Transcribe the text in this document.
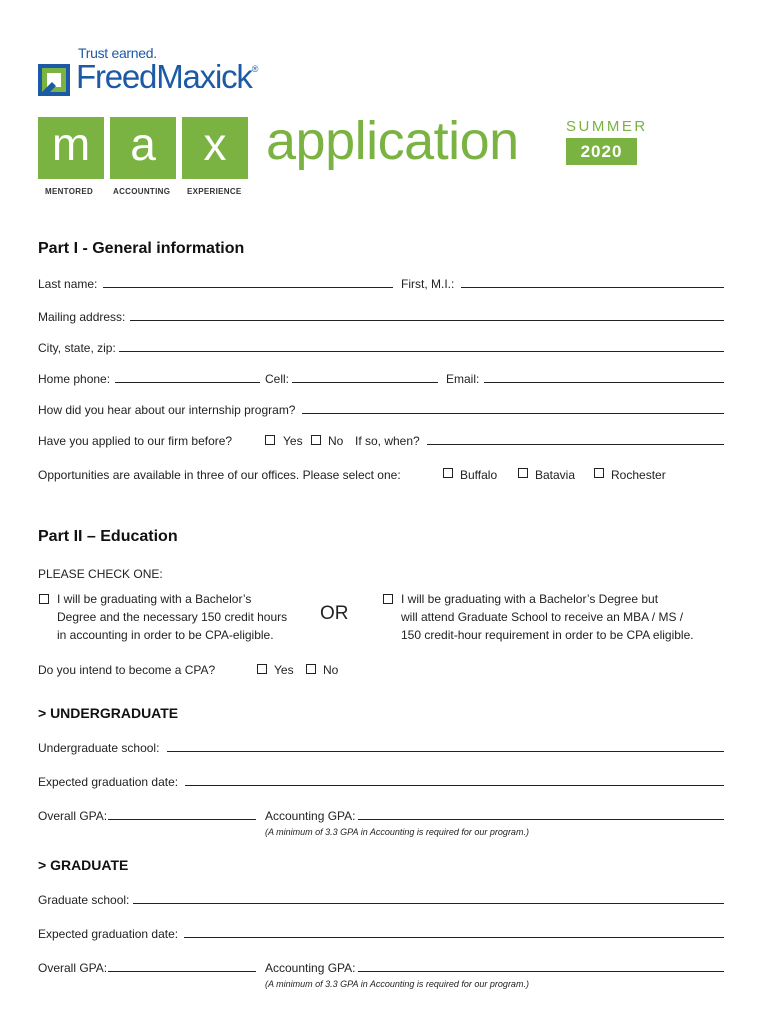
Trust earned.
FreedMaxick®
m a	x
MENTORED ACCOUNTING EXPERIENCE
application	SUMMER
2020
Part I - General information
Last name:	First, M.I.:
Mailing address:
City, state, zip:
Home phone:	Cell:	Email:
How did you hear about our internship program?
Have you applied to our firm before?	Yes No If so, when?
Opportunities are available in three of our offices. Please select one:	Buffalo	Batavia	Rochester
Part II – Education
PLEASE CHECK ONE:
I will be graduating with a Bachelor’s
Degree and the necessary 150 credit hours
in accounting in order to be CPA-eligible.
OR
I will be graduating with a Bachelor’s Degree but
will attend Graduate School to receive an MBA / MS /
150 credit-hour requirement in order to be CPA eligible.
Do you intend to become a CPA?	Yes No
> UNDERGRADUATE
Undergraduate school:
Expected graduation date:
Overall GPA:	Accounting GPA:
(A minimum of 3.3 GPA in Accounting is required for our program.)
> GRADUATE
Graduate school:
Expected graduation date:
Overall GPA:	Accounting GPA:
(A minimum of 3.3 GPA in Accounting is required for our program.)
